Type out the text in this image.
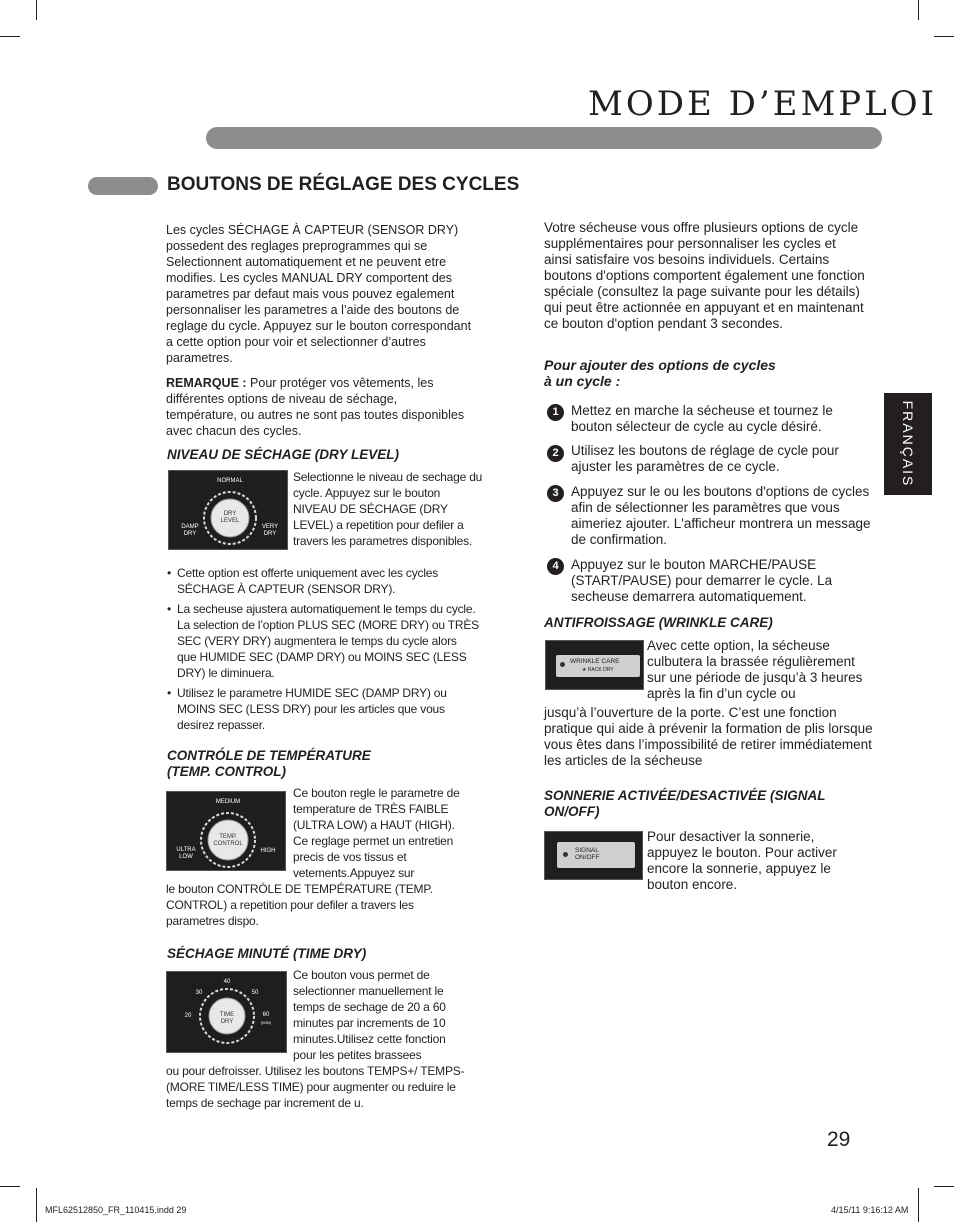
MODE D’EMPLOI
BOUTONS DE RÉGLAGE DES CYCLES
FRANÇAIS
Les cycles SÉCHAGE À CAPTEUR (SENSOR DRY) possedent des reglages preprogrammes qui se Selectionnent automatiquement et ne peuvent etre modifies. Les cycles MANUAL DRY comportent des parametres par defaut mais vous pouvez egalement personnaliser les parametres a l’aide des boutons de reglage du cycle. Appuyez sur le bouton correspondant a cette option pour voir et selectionner d’autres parametres.
REMARQUE : Pour protéger vos vêtements, les différentes options de niveau de séchage, température, ou autres ne sont pas toutes disponibles avec chacun des cycles.
NIVEAU DE SÉCHAGE (DRY LEVEL)
NORMAL
DRY
LEVEL
DAMP
DRY
VERY
DRY
Selectionne le niveau de sechage du cycle. Appuyez sur le bouton NIVEAU DE SÉCHAGE (DRY LEVEL) a repetition pour defiler a travers les parametres disponibles.
• Cette option est offerte uniquement avec les cycles SÉCHAGE À CAPTEUR (SENSOR DRY).
• La secheuse ajustera automatiquement le temps du cycle. La selection de l’option PLUS SEC (MORE DRY) ou TRÈS SEC (VERY DRY) augmentera le temps du cycle alors que HUMIDE SEC (DAMP DRY) ou MOINS SEC (LESS DRY) le diminuera.
• Utilisez le parametre HUMIDE SEC (DAMP DRY) ou MOINS SEC (LESS DRY) pour les articles que vous desirez repasser.
CONTRÓLE DE TEMPÉRATURE
(TEMP. CONTROL)
MEDIUM
TEMP.
CONTROL
ULTRA
LOW
HIGH
Ce bouton regle le parametre de temperature de TRÈS FAIBLE (ULTRA LOW) a HAUT (HIGH). Ce reglage permet un entretien precis de vos tissus et vetements.Appuyez sur
le bouton CONTRÓLE DE TEMPÉRATURE (TEMP. CONTROL) a repetition pour defiler a travers les parametres dispo.
SÉCHAGE MINUTÉ (TIME DRY)
40
30	50
20	60
(MIN)
TIME
DRY
Ce bouton vous permet de selectionner manuellement le temps de sechage de 20 a 60 minutes par increments de 10 minutes.Utilisez cette fonction pour les petites brassees
ou pour defroisser. Utilisez les boutons TEMPS+/ TEMPS- (MORE TIME/LESS TIME) pour augmenter ou reduire le temps de sechage par increment de u.
Votre sécheuse vous offre plusieurs options de cycle supplémentaires pour personnaliser les cycles et ainsi satisfaire vos besoins individuels. Certains boutons d'options comportent également une fonction spéciale (consultez la page suivante pour les détails) qui peut être actionnée en appuyant et en maintenant ce bouton d'option pendant 3 secondes.
Pour ajouter des options de cycles
à un cycle :
1 Mettez en marche la sécheuse et tournez le bouton sélecteur de cycle au cycle désiré.
2 Utilisez les boutons de réglage de cycle pour ajuster les paramètres de ce cycle.
3 Appuyez sur le ou les boutons d'options de cycles afin de sélectionner les paramètres que vous aimeriez ajouter. L'afficheur montrera un message de confirmation.
4 Appuyez sur le bouton MARCHE/PAUSE (START/PAUSE) pour demarrer le cycle. La secheuse demarrera automatiquement.
ANTIFROISSAGE (WRINKLE CARE)
WRINKLE CARE
★ RACK DRY
Avec cette option, la sécheuse culbutera la brassée régulièrement sur une période de jusqu’à 3 heures après la fin d’un cycle ou
jusqu’à l’ouverture de la porte. C’est une fonction pratique qui aide à prévenir la formation de plis lorsque vous êtes dans l’impossibilité de retirer immédiatement les articles de la sécheuse
SONNERIE ACTIVÉE/DESACTIVÉE (SIGNAL
ON/OFF)
SIGNAL
ON/OFF
Pour desactiver la sonnerie, appuyez le bouton. Pour activer encore la sonnerie, appuyez le bouton encore.
29
MFL62512850_FR_110415.indd 29	4/15/11 9:16:12 AM
